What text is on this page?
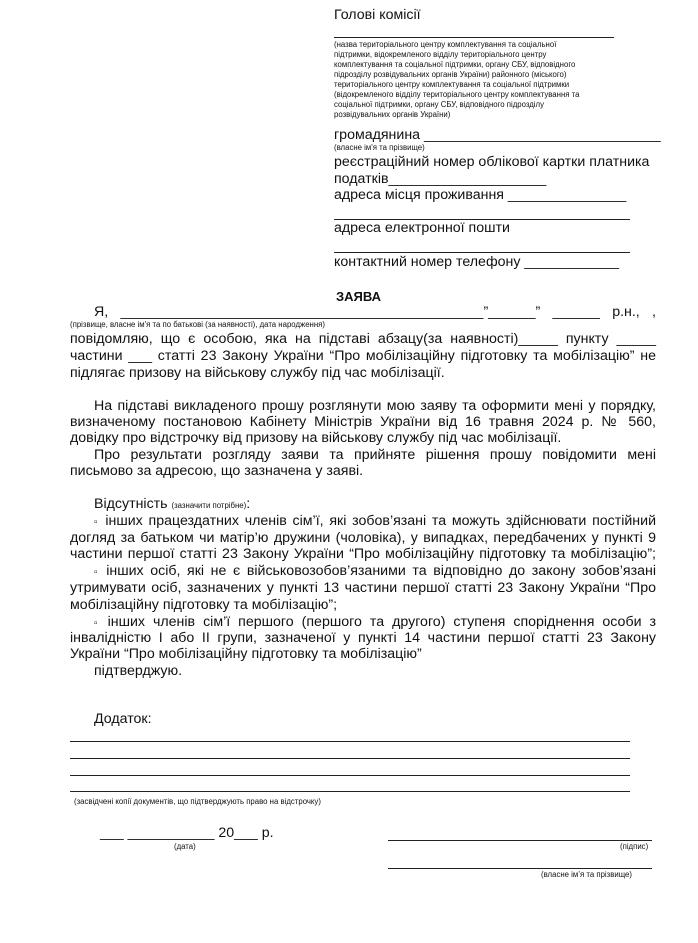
Голові комісії
(назва територіального центру комплектування та соціальної
підтримки, відокремленого відділу територіального центру
комплектування та соціальної підтримки, органу СБУ, відповідного
підрозділу розвідувальних органів України) районного (міського)
територіального центру комплектування та соціальної підтримки
(відокремленого відділу територіального центру комплектування та
соціальної підтримки, органу СБУ, відповідного підрозділу
розвідувальних органів України)
громадянина ______________________________
(власне ім'я та прізвище)
реєстраційний номер облікової картки платника
податків____________________
адреса місця проживання _______________
адреса електронної пошти
контактний номер телефону ____________
ЗАЯВА
Я, ______________________________________________”______” ______ р.н., ,
(прізвище, власне ім'я та по батькові (за наявності), дата народження)
повідомляю, що є особою, яка на підставі абзацу(за наявності)_____ пункту _____
частини ___ статті 23 Закону України “Про мобілізаційну підготовку та мобілізацію” не
підлягає призову на військову службу під час мобілізації.
На підставі викладеного прошу розглянути мою заяву та оформити мені у порядку,
визначеному постановою Кабінету Міністрів України від 16 травня 2024 р. № 560,
довідку про відстрочку від призову на військову службу під час мобілізації.
Про результати розгляду заяви та прийняте рішення прошу повідомити мені
письмово за адресою, що зазначена у заяві.
Відсутність (зазначити потрібне):
▫ інших працездатних членів сім’ї, які зобов’язані та можуть здійснювати постійний
догляд за батьком чи матір’ю дружини (чоловіка), у випадках, передбачених у пункті 9
частини першої статті 23 Закону України “Про мобілізаційну підготовку та мобілізацію”;
▫ інших осіб, які не є військовозобов’язаними та відповідно до закону зобов’язані
утримувати осіб, зазначених у пункті 13 частини першої статті 23 Закону України “Про
мобілізаційну підготовку та мобілізацію”;
▫ інших членів сім’ї першого (першого та другого) ступеня споріднення особи з
інвалідністю I або II групи, зазначеної у пункті 14 частини першої статті 23 Закону
України “Про мобілізаційну підготовку та мобілізацію”
підтверджую.
Додаток:
(засвідчені копії документів, що підтверджують право на відстрочку)
___ ___________ 20___ р.
(дата)	(підпис)
(власне ім’я та прізвище)
